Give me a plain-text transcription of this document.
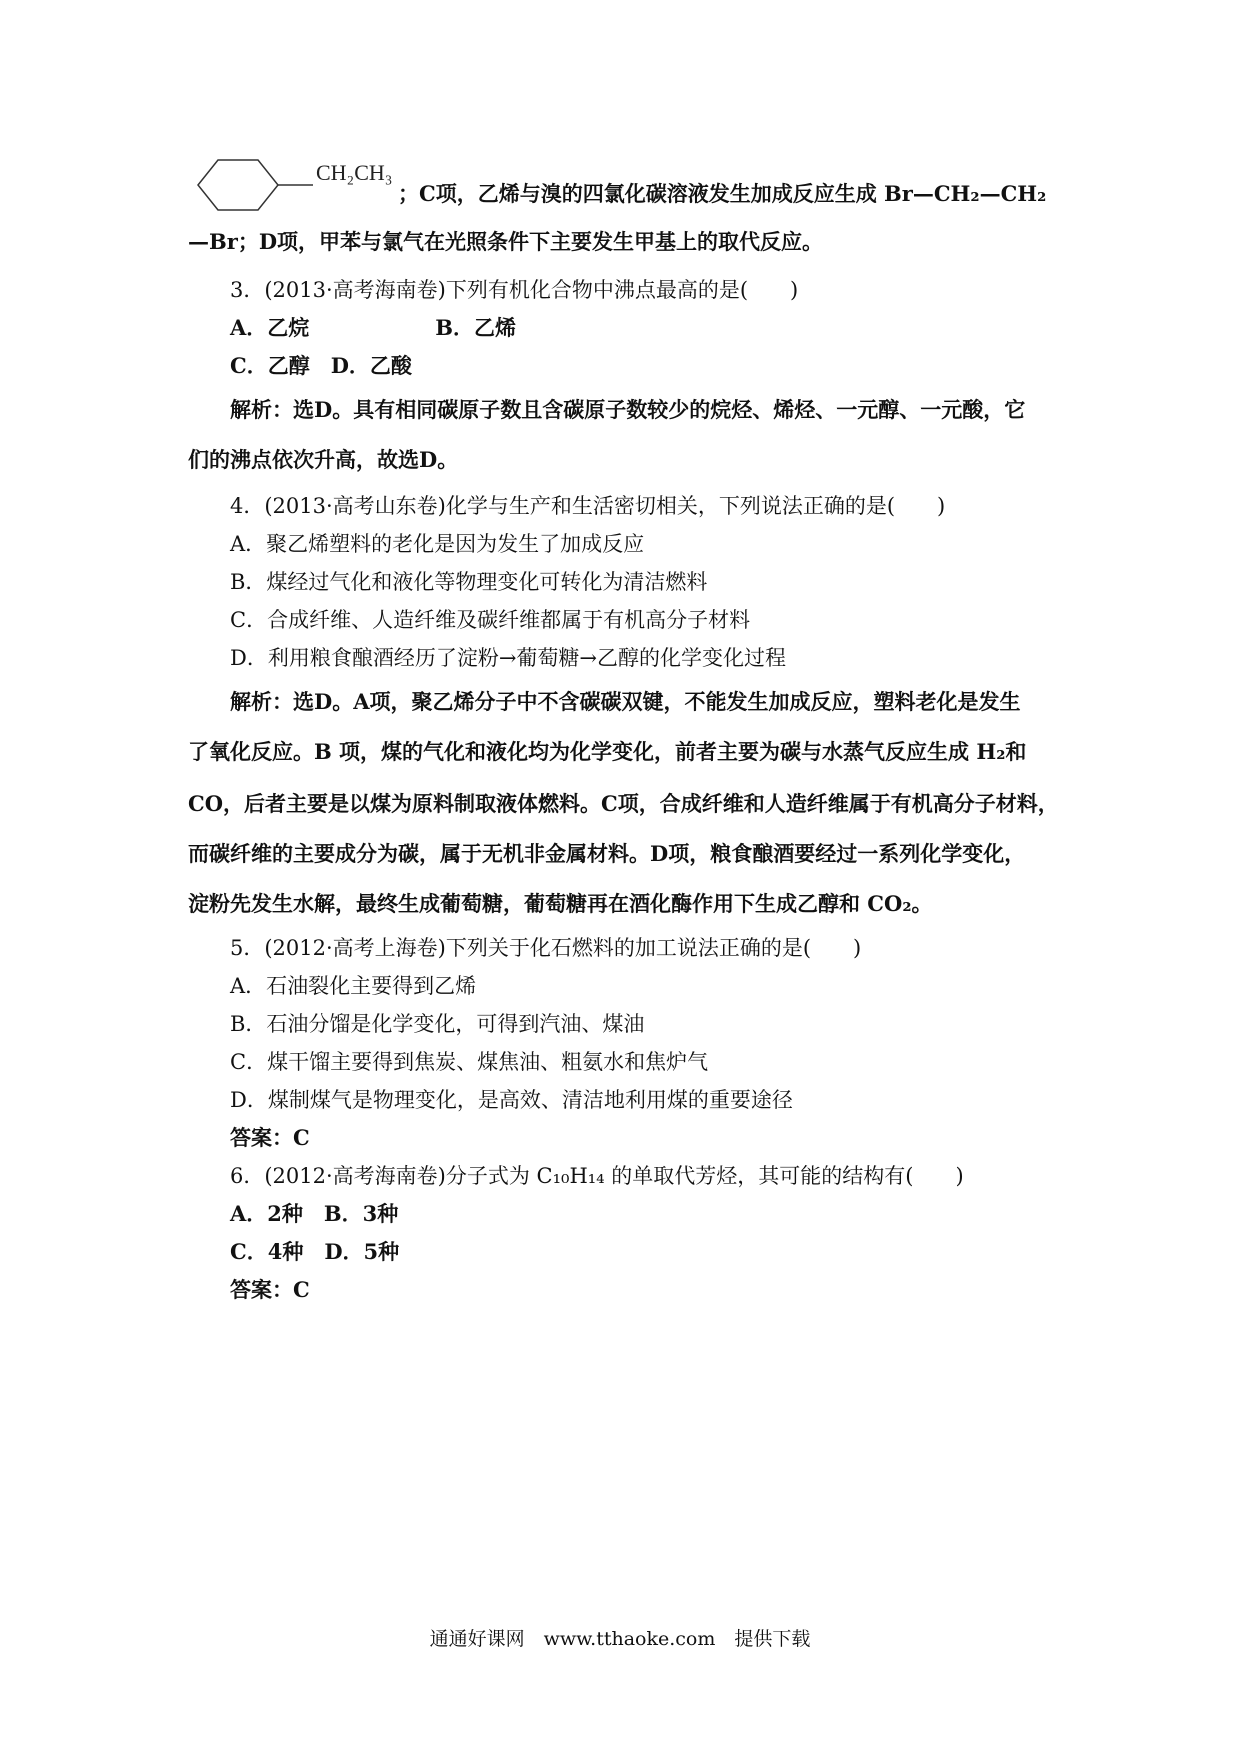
CH₂CH₃
；C项，乙烯与溴的四氯化碳溶液发生加成反应生成 Br—CH₂—CH₂
—Br；D项，甲苯与氯气在光照条件下主要发生甲基上的取代反应。
3．(2013·高考海南卷)下列有机化合物中沸点最高的是(　　)
A．乙烷　　　　　　B．乙烯
C．乙醇　D．乙酸
解析：选D。具有相同碳原子数且含碳原子数较少的烷烃、烯烃、一元醇、一元酸，它
们的沸点依次升高，故选D。
4．(2013·高考山东卷)化学与生产和生活密切相关，下列说法正确的是(　　)
A．聚乙烯塑料的老化是因为发生了加成反应
B．煤经过气化和液化等物理变化可转化为清洁燃料
C．合成纤维、人造纤维及碳纤维都属于有机高分子材料
D．利用粮食酿酒经历了淀粉→葡萄糖→乙醇的化学变化过程
解析：选D。A项，聚乙烯分子中不含碳碳双键，不能发生加成反应，塑料老化是发生
了氧化反应。B 项，煤的气化和液化均为化学变化，前者主要为碳与水蒸气反应生成 H₂和
CO，后者主要是以煤为原料制取液体燃料。C项，合成纤维和人造纤维属于有机高分子材料，
而碳纤维的主要成分为碳，属于无机非金属材料。D项，粮食酿酒要经过一系列化学变化，
淀粉先发生水解，最终生成葡萄糖，葡萄糖再在酒化酶作用下生成乙醇和 CO₂。
5．(2012·高考上海卷)下列关于化石燃料的加工说法正确的是(　　)
A．石油裂化主要得到乙烯
B．石油分馏是化学变化，可得到汽油、煤油
C．煤干馏主要得到焦炭、煤焦油、粗氨水和焦炉气
D．煤制煤气是物理变化，是高效、清洁地利用煤的重要途径
答案：C
6．(2012·高考海南卷)分子式为 C₁₀H₁₄ 的单取代芳烃，其可能的结构有(　　)
A．2种　B．3种
C．4种　D．5种
答案：C
通通好课网　www.tthaoke.com　提供下载
